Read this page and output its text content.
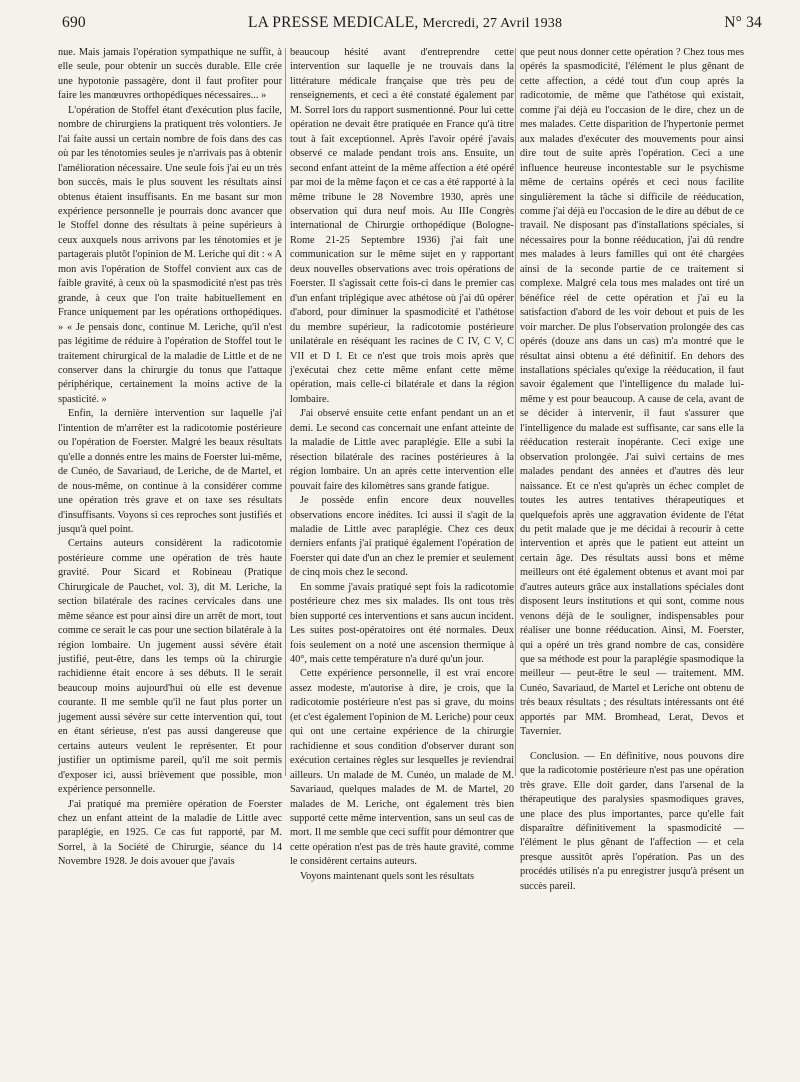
690	LA PRESSE MEDICALE, Mercredi, 27 Avril 1938	N° 34

nue. Mais jamais l'opération sympathique ne suffit, à elle seule, pour obtenir un succès durable. Elle crée une hypotonie passagère, dont il faut profiter pour faire les manœuvres orthopédiques nécessaires... »

L'opération de Stoffel étant d'exécution plus facile, nombre de chirurgiens la pratiquent très volontiers. Je l'ai faite aussi un certain nombre de fois dans des cas où par les ténotomies seules je n'arrivais pas à obtenir l'amélioration nécessaire. Une seule fois j'ai eu un très bon succès, mais le plus souvent les résultats ainsi obtenus étaient insuffisants. En me basant sur mon expérience personnelle je pourrais donc avancer que le Stoffel donne des résultats à peine supérieurs à ceux auxquels nous arrivons par les ténotomies et je partagerais plutôt l'opinion de M. Leriche qui dit : « A mon avis l'opération de Stoffel convient aux cas de faible gravité, à ceux où la spasmodicité n'est pas très grande, à ceux que l'on traite habituellement en France uniquement par les opérations orthopédiques. » « Je pensais donc, continue M. Leriche, qu'il n'est pas légitime de réduire à l'opération de Stoffel tout le traitement chirurgical de la maladie de Little et de ne conserver dans la chirurgie du tonus que l'attaque périphérique, certainement la moins active de la spasticité. »

Enfin, la dernière intervention sur laquelle j'ai l'intention de m'arrêter est la radicotomie postérieure ou l'opération de Foerster. Malgré les beaux résultats qu'elle a donnés entre les mains de Foerster lui-même, de Cunéo, de Savariaud, de Leriche, de de Martel, et de nous-même, on continue à la considérer comme une opération très grave et on taxe ses résultats d'insuffisants. Voyons si ces reproches sont justifiés et jusqu'à quel point.

Certains auteurs considèrent la radicotomie postérieure comme une opération de très haute gravité. Pour Sicard et Robineau (Pratique Chirurgicale de Pauchet, vol. 3), dit M. Leriche, la section bilatérale des racines cervicales dans une même séance est pour ainsi dire un arrêt de mort, tout comme ce serait le cas pour une section bilatérale à la région lombaire. Un jugement aussi sévère était justifié, peut-être, dans les temps où la chirurgie rachidienne était encore à ses débuts. Il le serait beaucoup moins aujourd'hui où elle est devenue courante. Il me semble qu'il ne faut plus porter un jugement aussi sévère sur cette intervention qui, tout en étant sérieuse, n'est pas aussi dangereuse que certains auteurs veulent le représenter. Et pour justifier un optimisme pareil, qu'il me soit permis d'exposer ici, aussi brièvement que possible, mon expérience personnelle.

J'ai pratiqué ma première opération de Foerster chez un enfant atteint de la maladie de Little avec paraplégie, en 1925. Ce cas fut rapporté, par M. Sorrel, à la Société de Chirurgie, séance du 14 Novembre 1928. Je dois avouer que j'avais

beaucoup hésité avant d'entreprendre cette intervention sur laquelle je ne trouvais dans la littérature médicale française que très peu de renseignements, et ceci a été constaté également par M. Sorrel lors du rapport susmentionné. Pour lui cette opération ne devait être pratiquée en France qu'à titre tout à fait exceptionnel. Après l'avoir opéré j'avais observé ce malade pendant trois ans. Ensuite, un second enfant atteint de la même affection a été opéré par moi de la même façon et ce cas a été rapporté à la même tribune le 28 Novembre 1930, après une observation qui dura neuf mois. Au IIIe Congrès international de Chirurgie orthopédique (Bologne-Rome 21-25 Septembre 1936) j'ai fait une communication sur le même sujet en y rapportant deux nouvelles observations avec trois opérations de Foerster. Il s'agissait cette fois-ci dans le premier cas d'un enfant triplégique avec athétose où j'ai dû opérer d'abord, pour diminuer la spasmodicité et l'athétose du membre supérieur, la radicotomie postérieure unilatérale en réséquant les racines de C IV, C V, C VII et D I. Et ce n'est que trois mois après que j'exécutai chez cette même enfant cette même opération, mais celle-ci bilatérale et dans la région lombaire.

J'ai observé ensuite cette enfant pendant un an et demi. Le second cas concernait une enfant atteinte de la maladie de Little avec paraplégie. Elle a subi la résection bilatérale des racines postérieures à la région lombaire. Un an après cette intervention elle pouvait faire des kilomètres sans grande fatigue.

Je possède enfin encore deux nouvelles observations encore inédites. Ici aussi il s'agit de la maladie de Little avec paraplégie. Chez ces deux derniers enfants j'ai pratiqué également l'opération de Foerster qui date d'un an chez le premier et seulement de cinq mois chez le second.

En somme j'avais pratiqué sept fois la radicotomie postérieure chez mes six malades. Ils ont tous très bien supporté ces interventions et sans aucun incident. Les suites post-opératoires ont été normales. Deux fois seulement on a noté une ascension thermique à 40°, mais cette température n'a duré qu'un jour.

Cette expérience personnelle, il est vrai encore assez modeste, m'autorise à dire, je crois, que la radicotomie postérieure n'est pas si grave, du moins (et c'est également l'opinion de M. Leriche) pour ceux qui ont une certaine expérience de la chirurgie rachidienne et sous condition d'observer durant son exécution certaines règles sur lesquelles je reviendrai ailleurs. Un malade de M. Cunéo, un malade de M. Savariaud, quelques malades de M. de Martel, 20 malades de M. Leriche, ont également très bien supporté cette même intervention, sans un seul cas de mort. Il me semble que ceci suffit pour démontrer que cette opération n'est pas de très haute gravité, comme le considèrent certains auteurs.

Voyons maintenant quels sont les résultats

que peut nous donner cette opération ? Chez tous mes opérés la spasmodicité, l'élément le plus gênant de cette affection, a cédé tout d'un coup après la radicotomie, de même que l'athétose qui existait, comme j'ai déjà eu l'occasion de le dire, chez un de mes malades. Cette disparition de l'hypertonie permet aux malades d'exécuter des mouvements pour ainsi dire tout de suite après l'opération. Ceci a une influence heureuse incontestable sur le psychisme même de certains opérés et ceci nous facilite singulièrement la tâche si difficile de rééducation, comme j'ai déjà eu l'occasion de le dire au début de ce travail. Ne disposant pas d'installations spéciales, si nécessaires pour la bonne rééducation, j'ai dû rendre mes malades à leurs familles qui ont été chargées ainsi de la seconde partie de ce traitement si complexe. Malgré cela tous mes malades ont tiré un bénéfice réel de cette opération et j'ai eu la satisfaction d'abord de les voir debout et puis de les voir marcher. De plus l'observation prolongée des cas opérés (douze ans dans un cas) m'a montré que le résultat ainsi obtenu a été définitif. En dehors des installations spéciales qu'exige la rééducation, il faut savoir également que l'intelligence du malade lui-même y est pour beaucoup. A cause de cela, avant de se décider à intervenir, il faut s'assurer que l'intelligence du malade est suffisante, car sans elle la rééducation resterait inopérante. Ceci exige une observation prolongée. J'ai suivi certains de mes malades pendant des années et d'autres dès leur naissance. Et ce n'est qu'après un échec complet de toutes les autres tentatives thérapeutiques et quelquefois après une aggravation évidente de l'état du petit malade que je me décidai à recourir à cette intervention et après que le patient eut atteint un certain âge. Des résultats aussi bons et même meilleurs ont été également obtenus et avant moi par d'autres auteurs grâce aux installations spéciales dont disposent leurs institutions et qui sont, comme nous venons déjà de le souligner, indispensables pour réaliser une bonne rééducation. Ainsi, M. Foerster, qui a opéré un très grand nombre de cas, considère que sa méthode est pour la paraplégie spasmodique la meilleur — peut-être le seul — traitement. MM. Cunéo, Savariaud, de Martel et Leriche ont obtenu de très beaux résultats ; des résultats intéressants ont été apportés par MM. Bromhead, Lerat, Devos et Tavernier.

Conclusion. — En définitive, nous pouvons dire que la radicotomie postérieure n'est pas une opération très grave. Elle doit garder, dans l'arsenal de la thérapeutique des paralysies spasmodiques graves, une place des plus importantes, parce qu'elle fait disparaître définitivement la spasmodicité — l'élément le plus gênant de l'affection — et cela presque aussitôt après l'opération. Pas un des procédés utilisés n'a pu enregistrer jusqu'à présent un succès pareil.
